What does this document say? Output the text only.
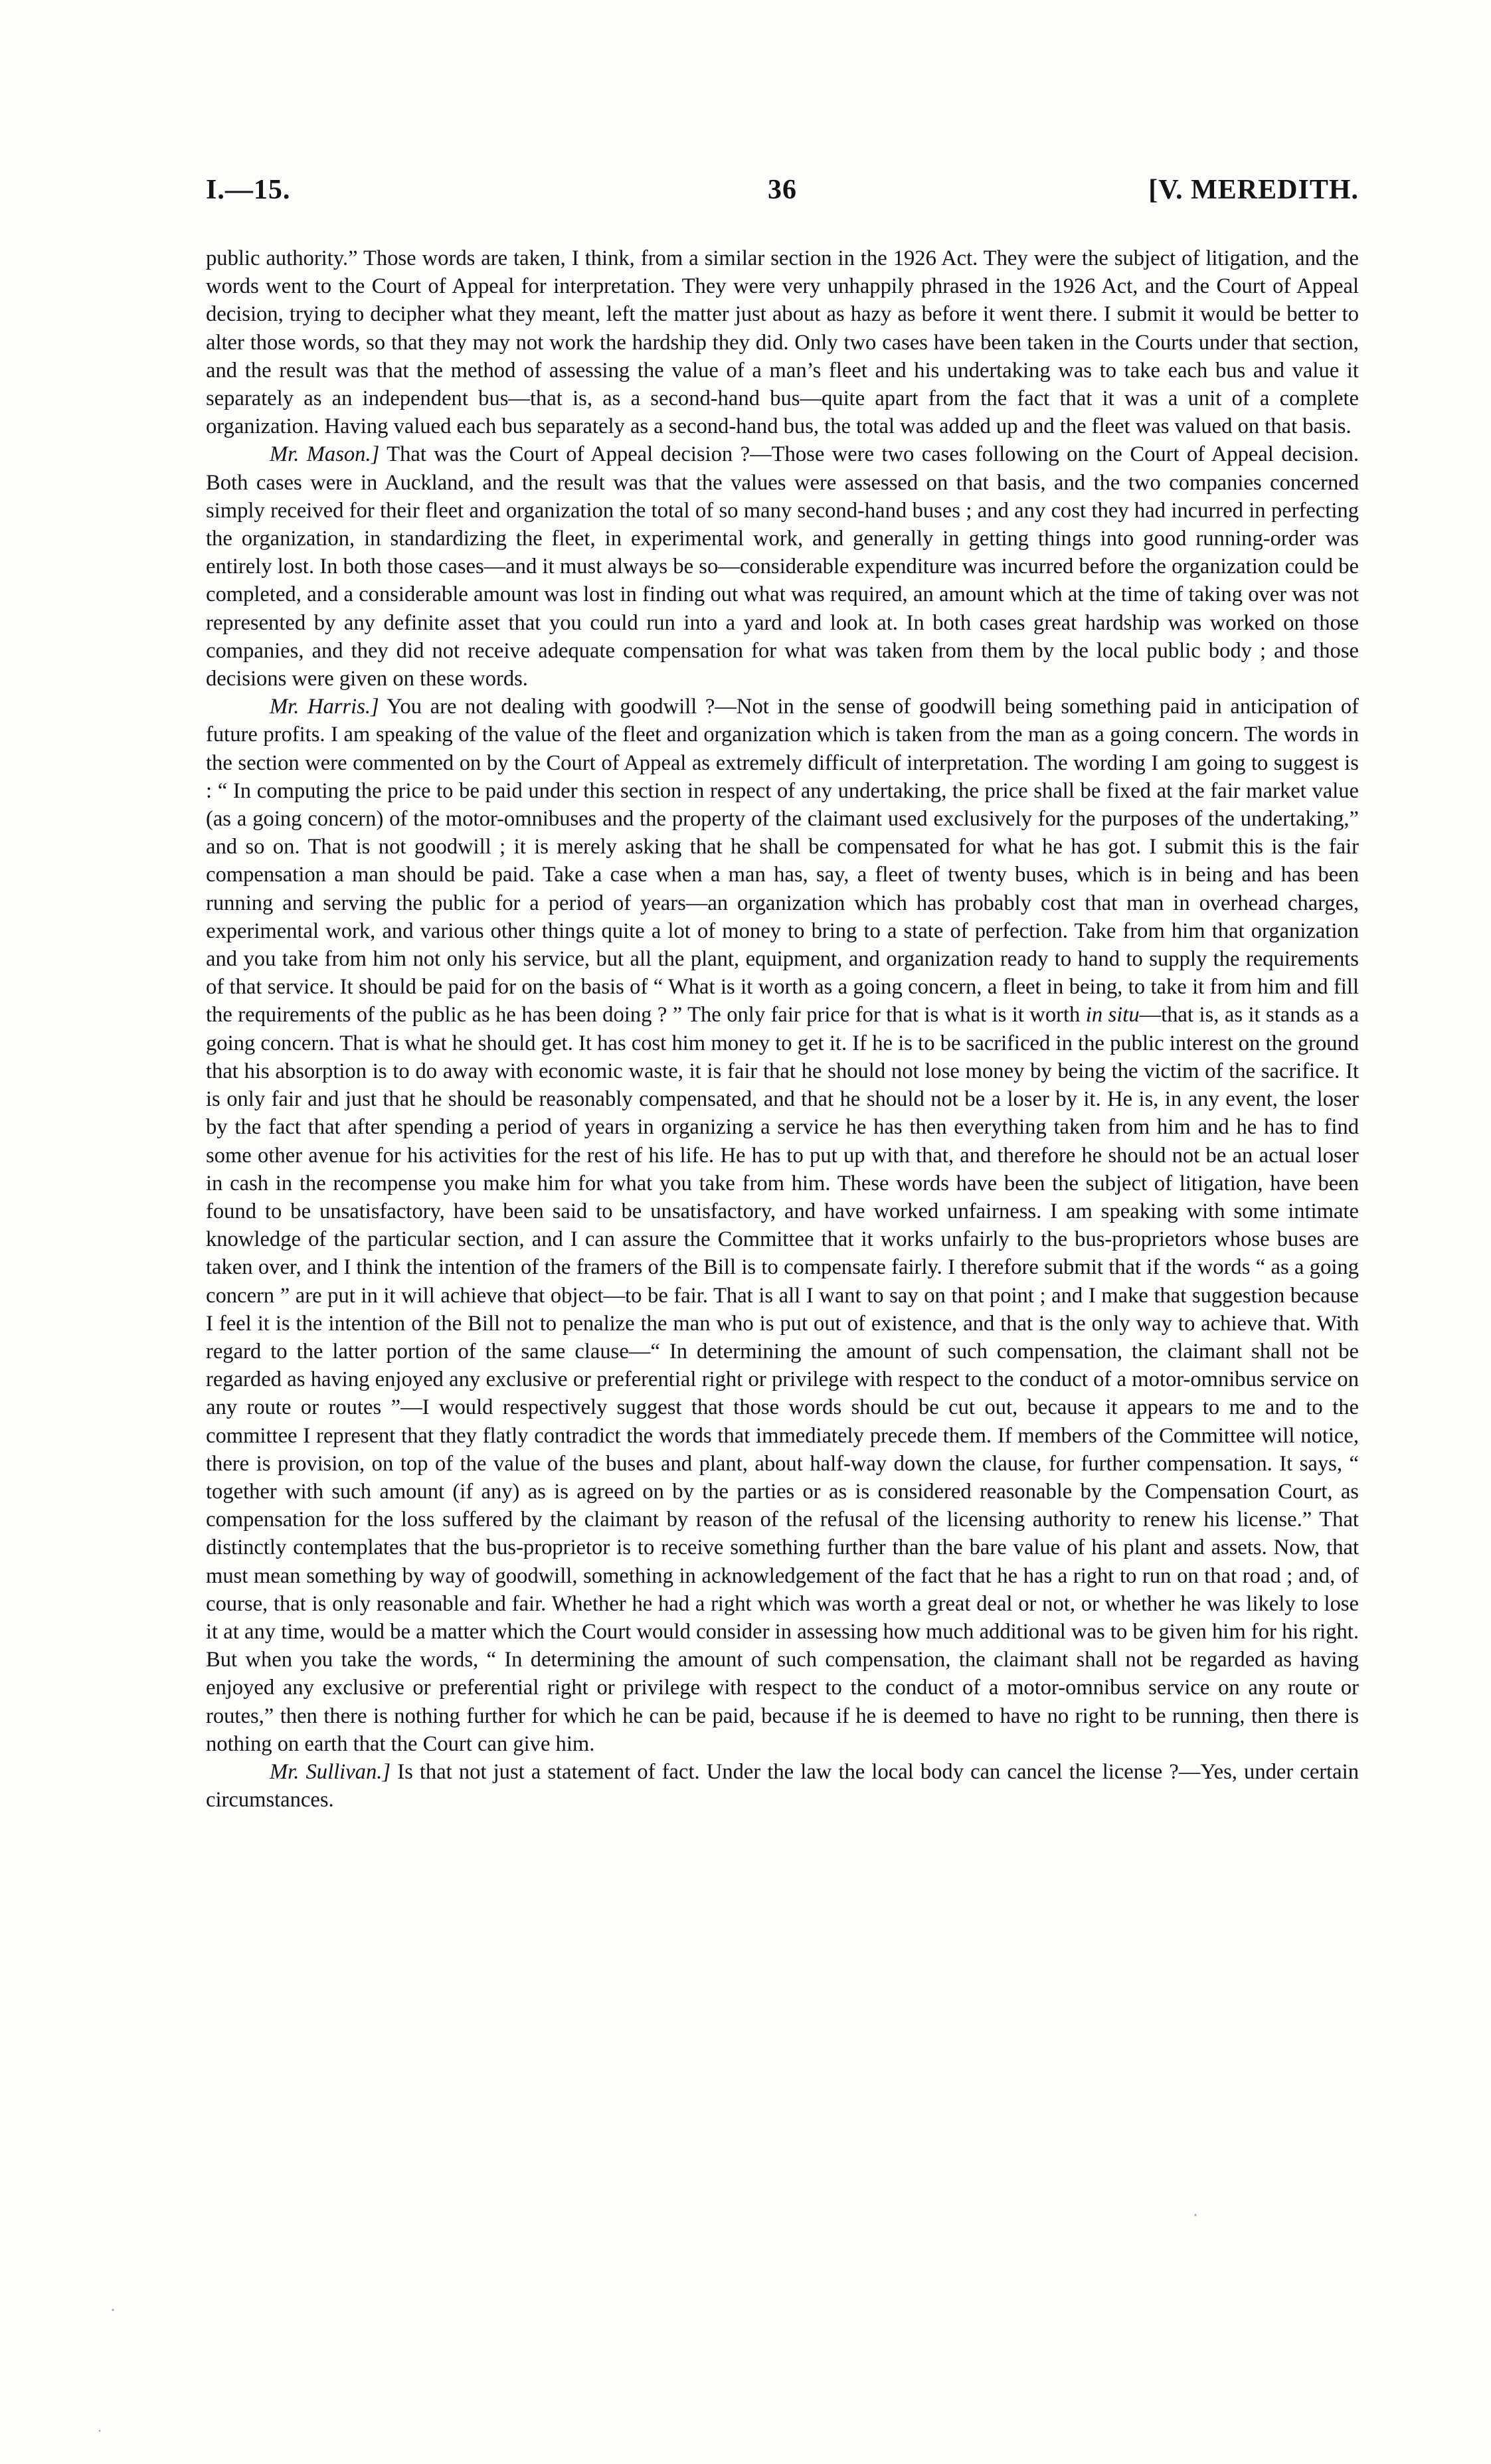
I.—15.	36	[V. MEREDITH.

public authority.” Those words are taken, I think, from a similar section in the 1926 Act. They were the subject of litigation, and the words went to the Court of Appeal for interpretation. They were very unhappily phrased in the 1926 Act, and the Court of Appeal decision, trying to decipher what they meant, left the matter just about as hazy as before it went there. I submit it would be better to alter those words, so that they may not work the hardship they did. Only two cases have been taken in the Courts under that section, and the result was that the method of assessing the value of a man’s fleet and his undertaking was to take each bus and value it separately as an independent bus—that is, as a second-hand bus—quite apart from the fact that it was a unit of a complete organization. Having valued each bus separately as a second-hand bus, the total was added up and the fleet was valued on that basis.

Mr. Mason.] That was the Court of Appeal decision ?—Those were two cases following on the Court of Appeal decision. Both cases were in Auckland, and the result was that the values were assessed on that basis, and the two companies concerned simply received for their fleet and organization the total of so many second-hand buses ; and any cost they had incurred in perfecting the organization, in standardizing the fleet, in experimental work, and generally in getting things into good running-order was entirely lost. In both those cases—and it must always be so—considerable expenditure was incurred before the organization could be completed, and a considerable amount was lost in finding out what was required, an amount which at the time of taking over was not represented by any definite asset that you could run into a yard and look at. In both cases great hardship was worked on those companies, and they did not receive adequate compensation for what was taken from them by the local public body ; and those decisions were given on these words.

Mr. Harris.] You are not dealing with goodwill ?—Not in the sense of goodwill being something paid in anticipation of future profits. I am speaking of the value of the fleet and organization which is taken from the man as a going concern. The words in the section were commented on by the Court of Appeal as extremely difficult of interpretation. The wording I am going to suggest is : “ In computing the price to be paid under this section in respect of any undertaking, the price shall be fixed at the fair market value (as a going concern) of the motor-omnibuses and the property of the claimant used exclusively for the purposes of the undertaking,” and so on. That is not goodwill ; it is merely asking that he shall be compensated for what he has got. I submit this is the fair compensation a man should be paid. Take a case when a man has, say, a fleet of twenty buses, which is in being and has been running and serving the public for a period of years—an organization which has probably cost that man in overhead charges, experimental work, and various other things quite a lot of money to bring to a state of perfection. Take from him that organization and you take from him not only his service, but all the plant, equipment, and organization ready to hand to supply the requirements of that service. It should be paid for on the basis of “ What is it worth as a going concern, a fleet in being, to take it from him and fill the requirements of the public as he has been doing ? ” The only fair price for that is what is it worth in situ—that is, as it stands as a going concern. That is what he should get. It has cost him money to get it. If he is to be sacrificed in the public interest on the ground that his absorption is to do away with economic waste, it is fair that he should not lose money by being the victim of the sacrifice. It is only fair and just that he should be reasonably compensated, and that he should not be a loser by it. He is, in any event, the loser by the fact that after spending a period of years in organizing a service he has then everything taken from him and he has to find some other avenue for his activities for the rest of his life. He has to put up with that, and therefore he should not be an actual loser in cash in the recompense you make him for what you take from him. These words have been the subject of litigation, have been found to be unsatisfactory, have been said to be unsatisfactory, and have worked unfairness. I am speaking with some intimate knowledge of the particular section, and I can assure the Committee that it works unfairly to the bus-proprietors whose buses are taken over, and I think the intention of the framers of the Bill is to compensate fairly. I therefore submit that if the words “ as a going concern ” are put in it will achieve that object—to be fair. That is all I want to say on that point ; and I make that suggestion because I feel it is the intention of the Bill not to penalize the man who is put out of existence, and that is the only way to achieve that. With regard to the latter portion of the same clause—“ In determining the amount of such compensation, the claimant shall not be regarded as having enjoyed any exclusive or preferential right or privilege with respect to the conduct of a motor-omnibus service on any route or routes ”—I would respectively suggest that those words should be cut out, because it appears to me and to the committee I represent that they flatly contradict the words that immediately precede them. If members of the Committee will notice, there is provision, on top of the value of the buses and plant, about half-way down the clause, for further compensation. It says, “ together with such amount (if any) as is agreed on by the parties or as is considered reasonable by the Compensation Court, as compensation for the loss suffered by the claimant by reason of the refusal of the licensing authority to renew his license.” That distinctly contemplates that the bus-proprietor is to receive something further than the bare value of his plant and assets. Now, that must mean something by way of goodwill, something in acknowledgement of the fact that he has a right to run on that road ; and, of course, that is only reasonable and fair. Whether he had a right which was worth a great deal or not, or whether he was likely to lose it at any time, would be a matter which the Court would consider in assessing how much additional was to be given him for his right. But when you take the words, “ In determining the amount of such compensation, the claimant shall not be regarded as having enjoyed any exclusive or preferential right or privilege with respect to the conduct of a motor-omnibus service on any route or routes,” then there is nothing further for which he can be paid, because if he is deemed to have no right to be running, then there is nothing on earth that the Court can give him.

Mr. Sullivan.] Is that not just a statement of fact. Under the law the local body can cancel the license ?—Yes, under certain circumstances.
